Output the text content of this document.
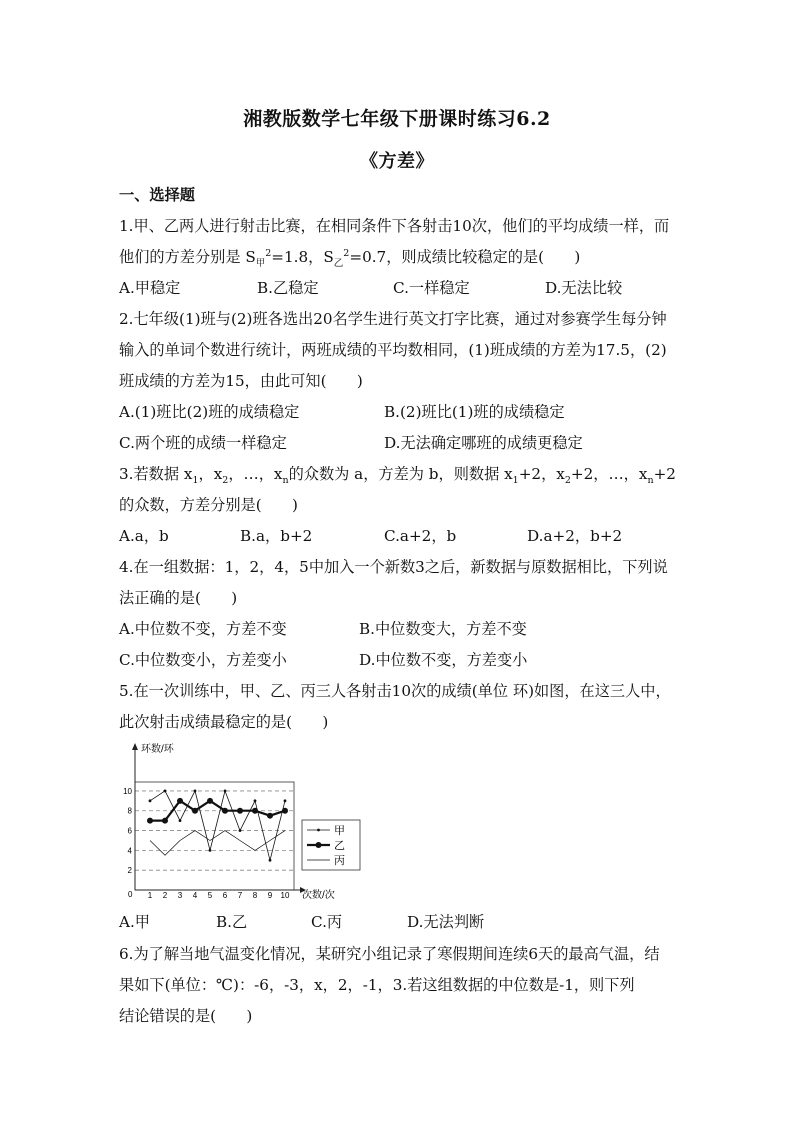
湘教版数学七年级下册课时练习6.2
《方差》
一、选择题
1.甲、乙两人进行射击比赛，在相同条件下各射击10次，他们的平均成绩一样，而
他们的方差分别是 $S_甲^2=1.8$，$S_乙^2=0.7$，则成绩比较稳定的是(　　)
A.甲稳定	B.乙稳定	C.一样稳定	D.无法比较
2.七年级(1)班与(2)班各选出20名学生进行英文打字比赛，通过对参赛学生每分钟
输入的单词个数进行统计，两班成绩的平均数相同，(1)班成绩的方差为17.5，(2)
班成绩的方差为15，由此可知(　　)
A.(1)班比(2)班的成绩稳定	B.(2)班比(1)班的成绩稳定
C.两个班的成绩一样稳定	D.无法确定哪班的成绩更稳定
3.若数据 $x_1$，$x_2$，…，$x_n$的众数为 a，方差为 b，则数据 $x_1+2$，$x_2+2$，…，$x_n+2$
的众数，方差分别是(　　)
A.a，b	B.a，b+2	C.a+2，b	D.a+2，b+2
4.在一组数据：1，2，4，5中加入一个新数3之后，新数据与原数据相比，下列说
法正确的是(　　)
A.中位数不变，方差不变	B.中位数变大，方差不变
C.中位数变小，方差变小	D.中位数不变，方差变小
5.在一次训练中，甲、乙、丙三人各射击10次的成绩(单位 环)如图，在这三人中，
此次射击成绩最稳定的是(　　)
2
4
6
8
10
1 2 3 4 5 6 7 8 9 10
甲
乙
丙
环数/环
次数/次
0
A.甲	B.乙	C.丙	D.无法判断
6.为了解当地气温变化情况，某研究小组记录了寒假期间连续6天的最高气温，结
果如下(单位：℃)：-6，-3，x，2，-1，3.若这组数据的中位数是-1，则下列
结论错误的是(　　)
